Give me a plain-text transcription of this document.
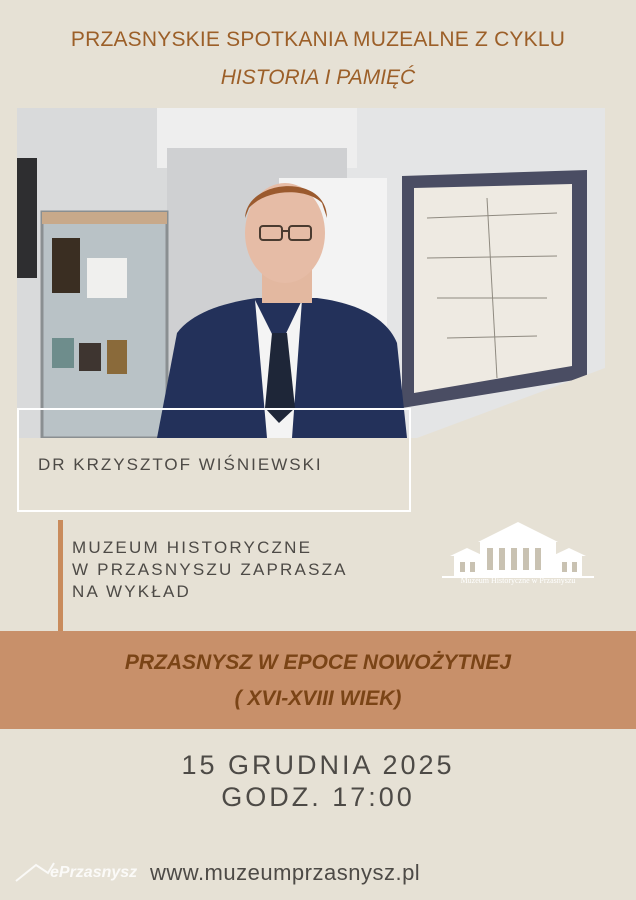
PRZASNYSKIE SPOTKANIA MUZEALNE Z CYKLU
HISTORIA I PAMIĘĆ
DR KRZYSZTOF WIŚNIEWSKI
MUZEUM HISTORYCZNE
W PRZASNYSZU ZAPRASZA
NA WYKŁAD
Muzeum Historyczne w Przasnyszu
PRZASNYSZ W EPOCE NOWOŻYTNEJ
( XVI-XVIII WIEK)
15 GRUDNIA 2025
GODZ. 17:00
ePrzasnysz www.muzeumprzasnysz.pl
